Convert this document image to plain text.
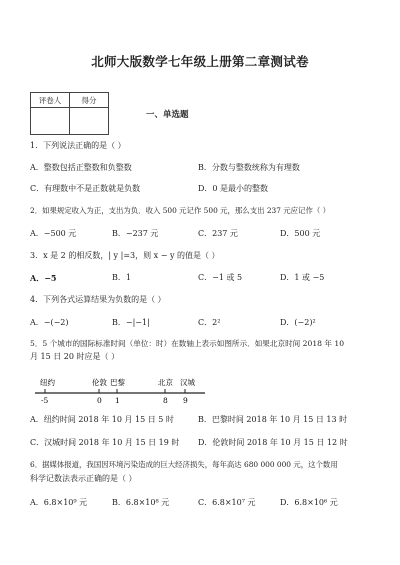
北师大版数学七年级上册第二章测试卷
评卷人	得分

一、单选题
1．下列说法正确的是（ ）
A．整数包括正整数和负整数	B．分数与整数统称为有理数
C．有理数中不是正数就是负数	D．0 是最小的整数
2．如果规定收入为正，支出为负．收入 500 元记作 500 元，那么支出 237 元应记作（ ）
A．−500 元	B．−237 元	C．237 元	D．500 元
3．x 是 2 的相反数，| y |=3，则 x − y 的值是（ ）
A．−5	B．1	C．−1 或 5	D．1 或 −5
4．下列各式运算结果为负数的是（ ）
A．−(−2)	B．−|−1|	C．2²	D．(−2)²
5．5 个城市的国际标准时间（单位：时）在数轴上表示如图所示．如果北京时间 2018 年 10
月 15 日 20 时应是（ ）
纽约	伦敦 巴黎	北京 汉城
-5	0 1	8 9
A．纽约时间 2018 年 10 月 15 日 5 时	B．巴黎时间 2018 年 10 月 15 日 13 时
C．汉城时间 2018 年 10 月 15 日 19 时 D．伦敦时间 2018 年 10 月 15 日 12 时
6．据媒体报道，我国因环境污染造成的巨大经济损失，每年高达 680 000 000 元，这个数用
科学记数法表示正确的是（ ）
A．6.8×10⁹ 元	B．6.8×10⁸ 元	C．6.8×10⁷ 元	D．6.8×10⁶ 元
